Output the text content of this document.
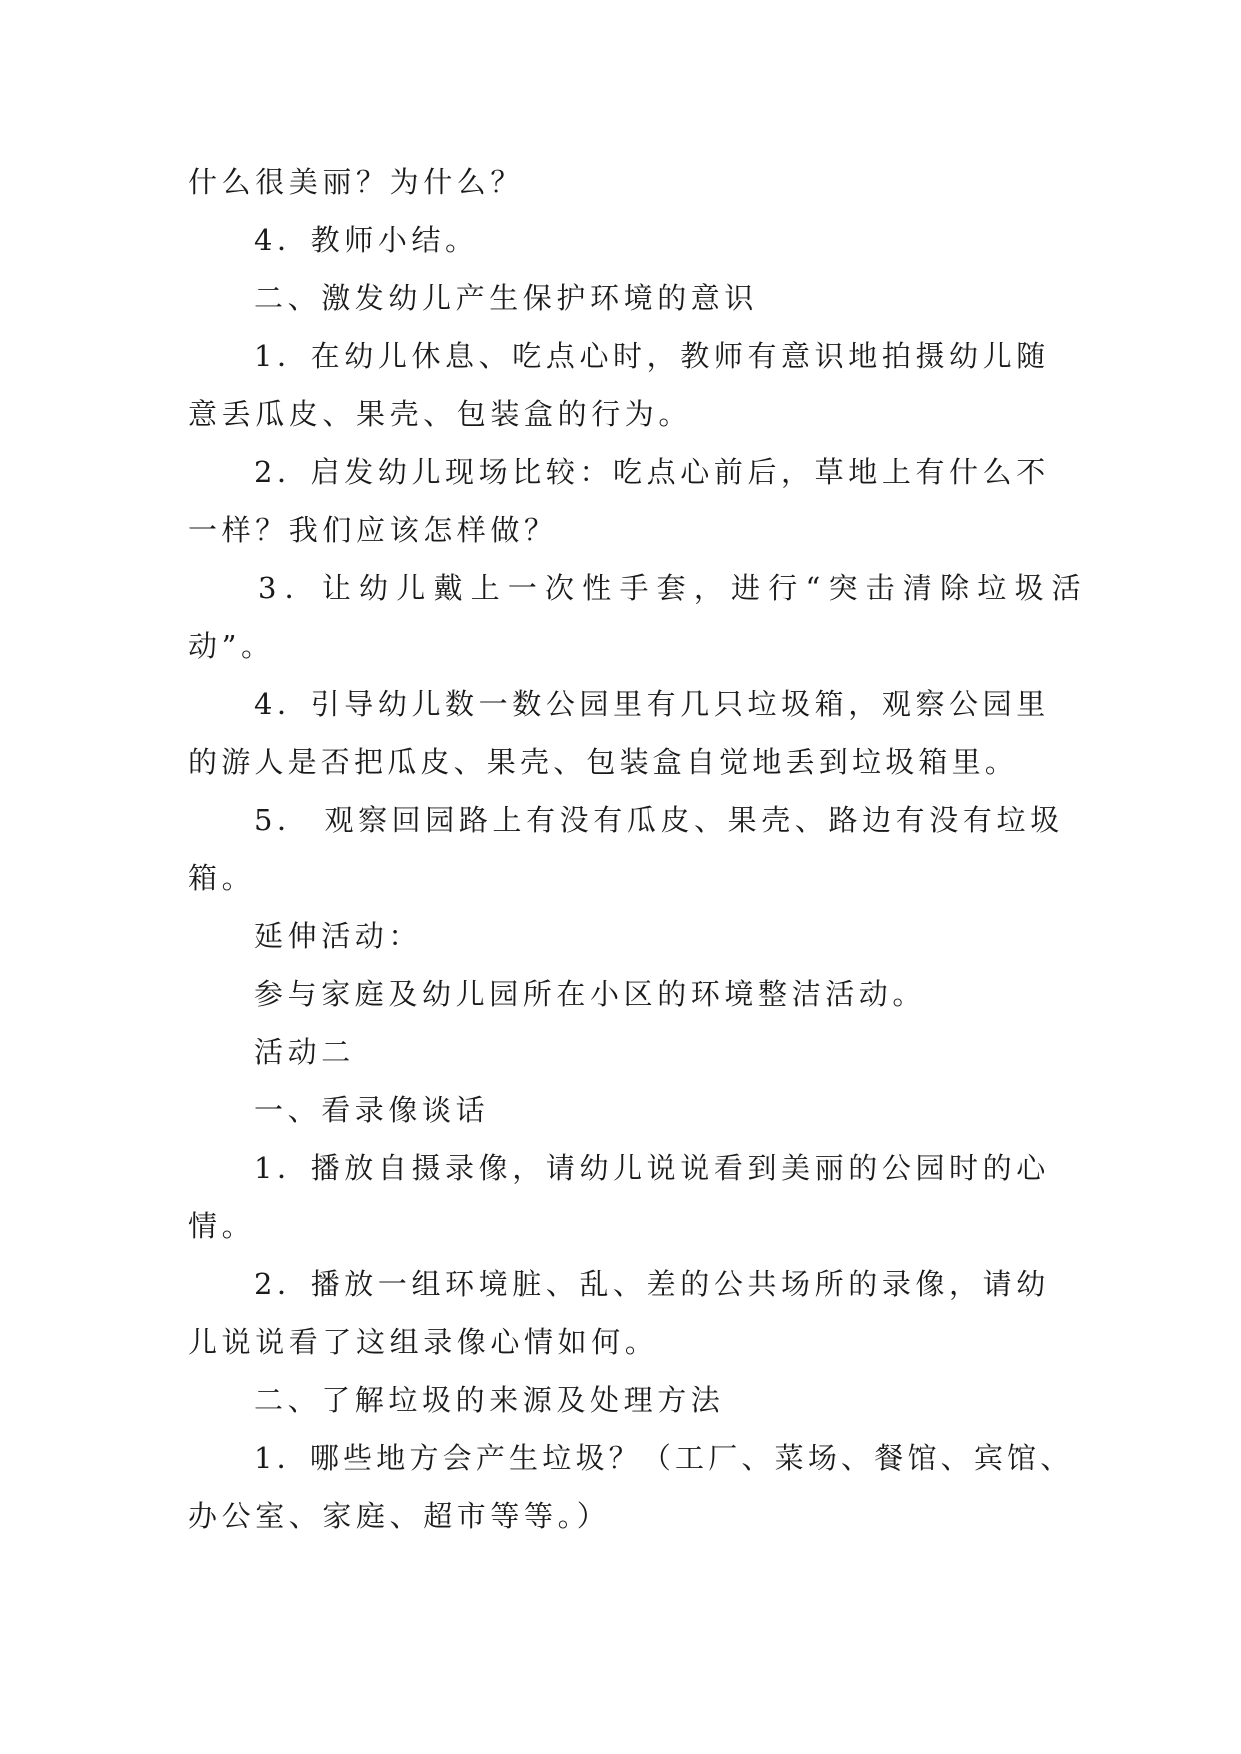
什么很美丽？为什么？
4．教师小结。
二、激发幼儿产生保护环境的意识
1．在幼儿休息、吃点心时，教师有意识地拍摄幼儿随
意丢瓜皮、果壳、包装盒的行为。
2．启发幼儿现场比较：吃点心前后，草地上有什么不
一样？我们应该怎样做？
3．让幼儿戴上一次性手套，进行“突击清除垃圾活
动”。
4．引导幼儿数一数公园里有几只垃圾箱，观察公园里
的游人是否把瓜皮、果壳、包装盒自觉地丢到垃圾箱里。
5． 观察回园路上有没有瓜皮、果壳、路边有没有垃圾
箱。
延伸活动：
参与家庭及幼儿园所在小区的环境整洁活动。
活动二
一、看录像谈话
1．播放自摄录像，请幼儿说说看到美丽的公园时的心
情。
2．播放一组环境脏、乱、差的公共场所的录像，请幼
儿说说看了这组录像心情如何。
二、了解垃圾的来源及处理方法
1．哪些地方会产生垃圾？（工厂、菜场、餐馆、宾馆、
办公室、家庭、超市等等。）
